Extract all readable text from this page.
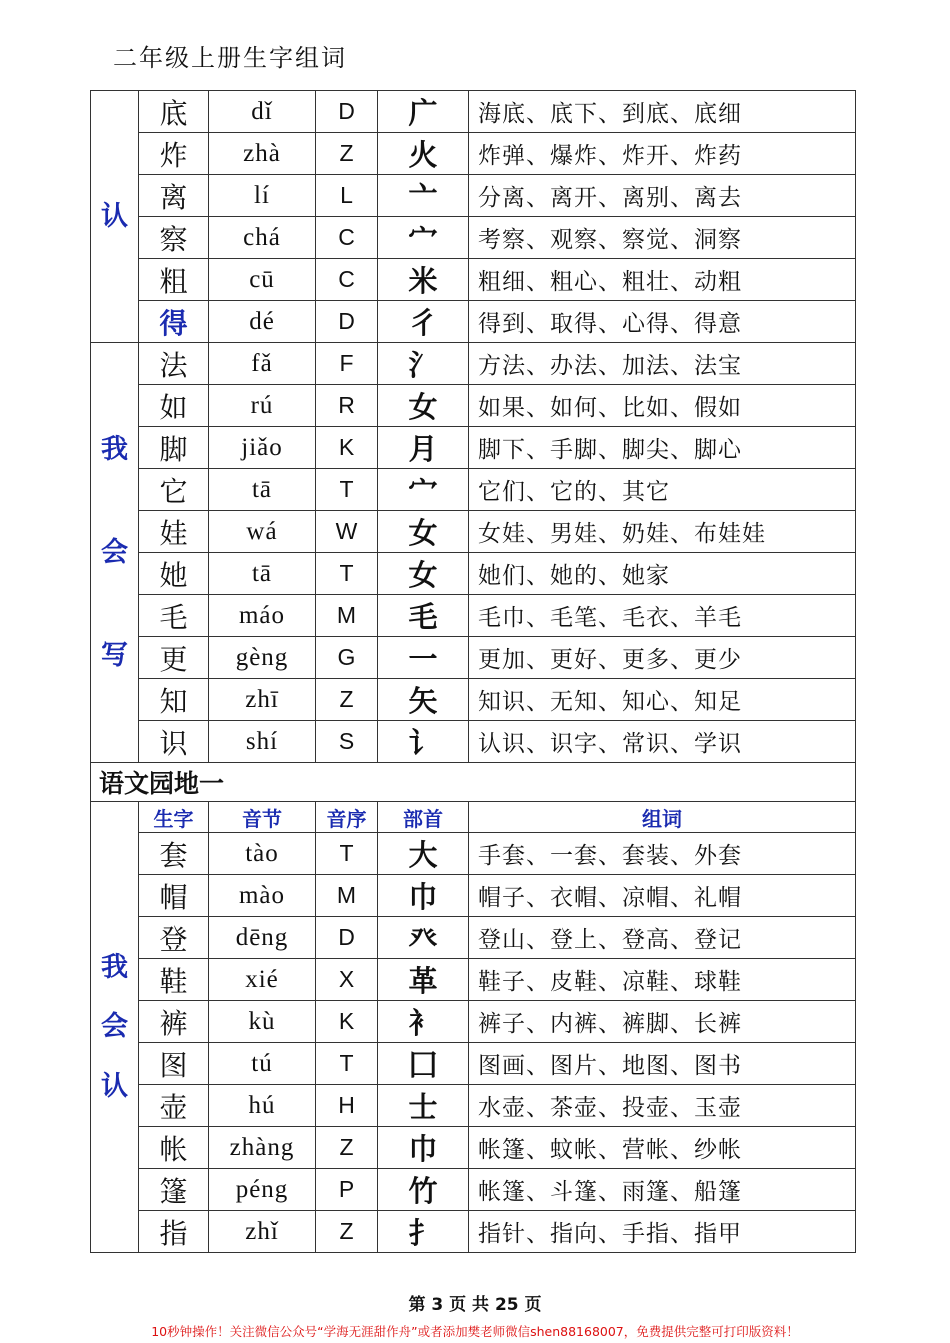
二年级上册生字组词
认	底	dǐ	D	广	海底、底下、到底、底细
	炸	zhà	Z	火	炸弹、爆炸、炸开、炸药
	离	lí	L	亠	分离、离开、离别、离去
	察	chá	C	宀	考察、观察、察觉、洞察
	粗	cū	C	米	粗细、粗心、粗壮、动粗
	得	dé	D	彳	得到、取得、心得、得意

我
会
写	法	fǎ	F	氵	方法、办法、加法、法宝
	如	rú	R	女	如果、如何、比如、假如
	脚	jiǎo	K	月	脚下、手脚、脚尖、脚心
	它	tā	T	宀	它们、它的、其它
	娃	wá	W	女	女娃、男娃、奶娃、布娃娃
	她	tā	T	女	她们、她的、她家
	毛	máo	M	毛	毛巾、毛笔、毛衣、羊毛
	更	gèng	G	一	更加、更好、更多、更少
	知	zhī	Z	矢	知识、无知、知心、知足
	识	shí	S	讠	认识、识字、常识、学识
语文园地一					

我
会
认	生字	音节	音序	部首	组词
	套	tào	T	大	手套、一套、套装、外套
	帽	mào	M	巾	帽子、衣帽、凉帽、礼帽
	登	dēng	D	癶	登山、登上、登高、登记
	鞋	xié	X	革	鞋子、皮鞋、凉鞋、球鞋
	裤	kù	K	衤	裤子、内裤、裤脚、长裤
	图	tú	T	囗	图画、图片、地图、图书
	壶	hú	H	士	水壶、茶壶、投壶、玉壶
	帐	zhàng	Z	巾	帐篷、蚊帐、营帐、纱帐
	篷	péng	P	竹	帐篷、斗篷、雨篷、船篷
	指	zhǐ	Z	扌	指针、指向、手指、指甲
第 3 页 共 25 页
10秒钟操作！关注微信公众号“学海无涯甜作舟”或者添加樊老师微信shen88168007，免费提供完整可打印版资料！
